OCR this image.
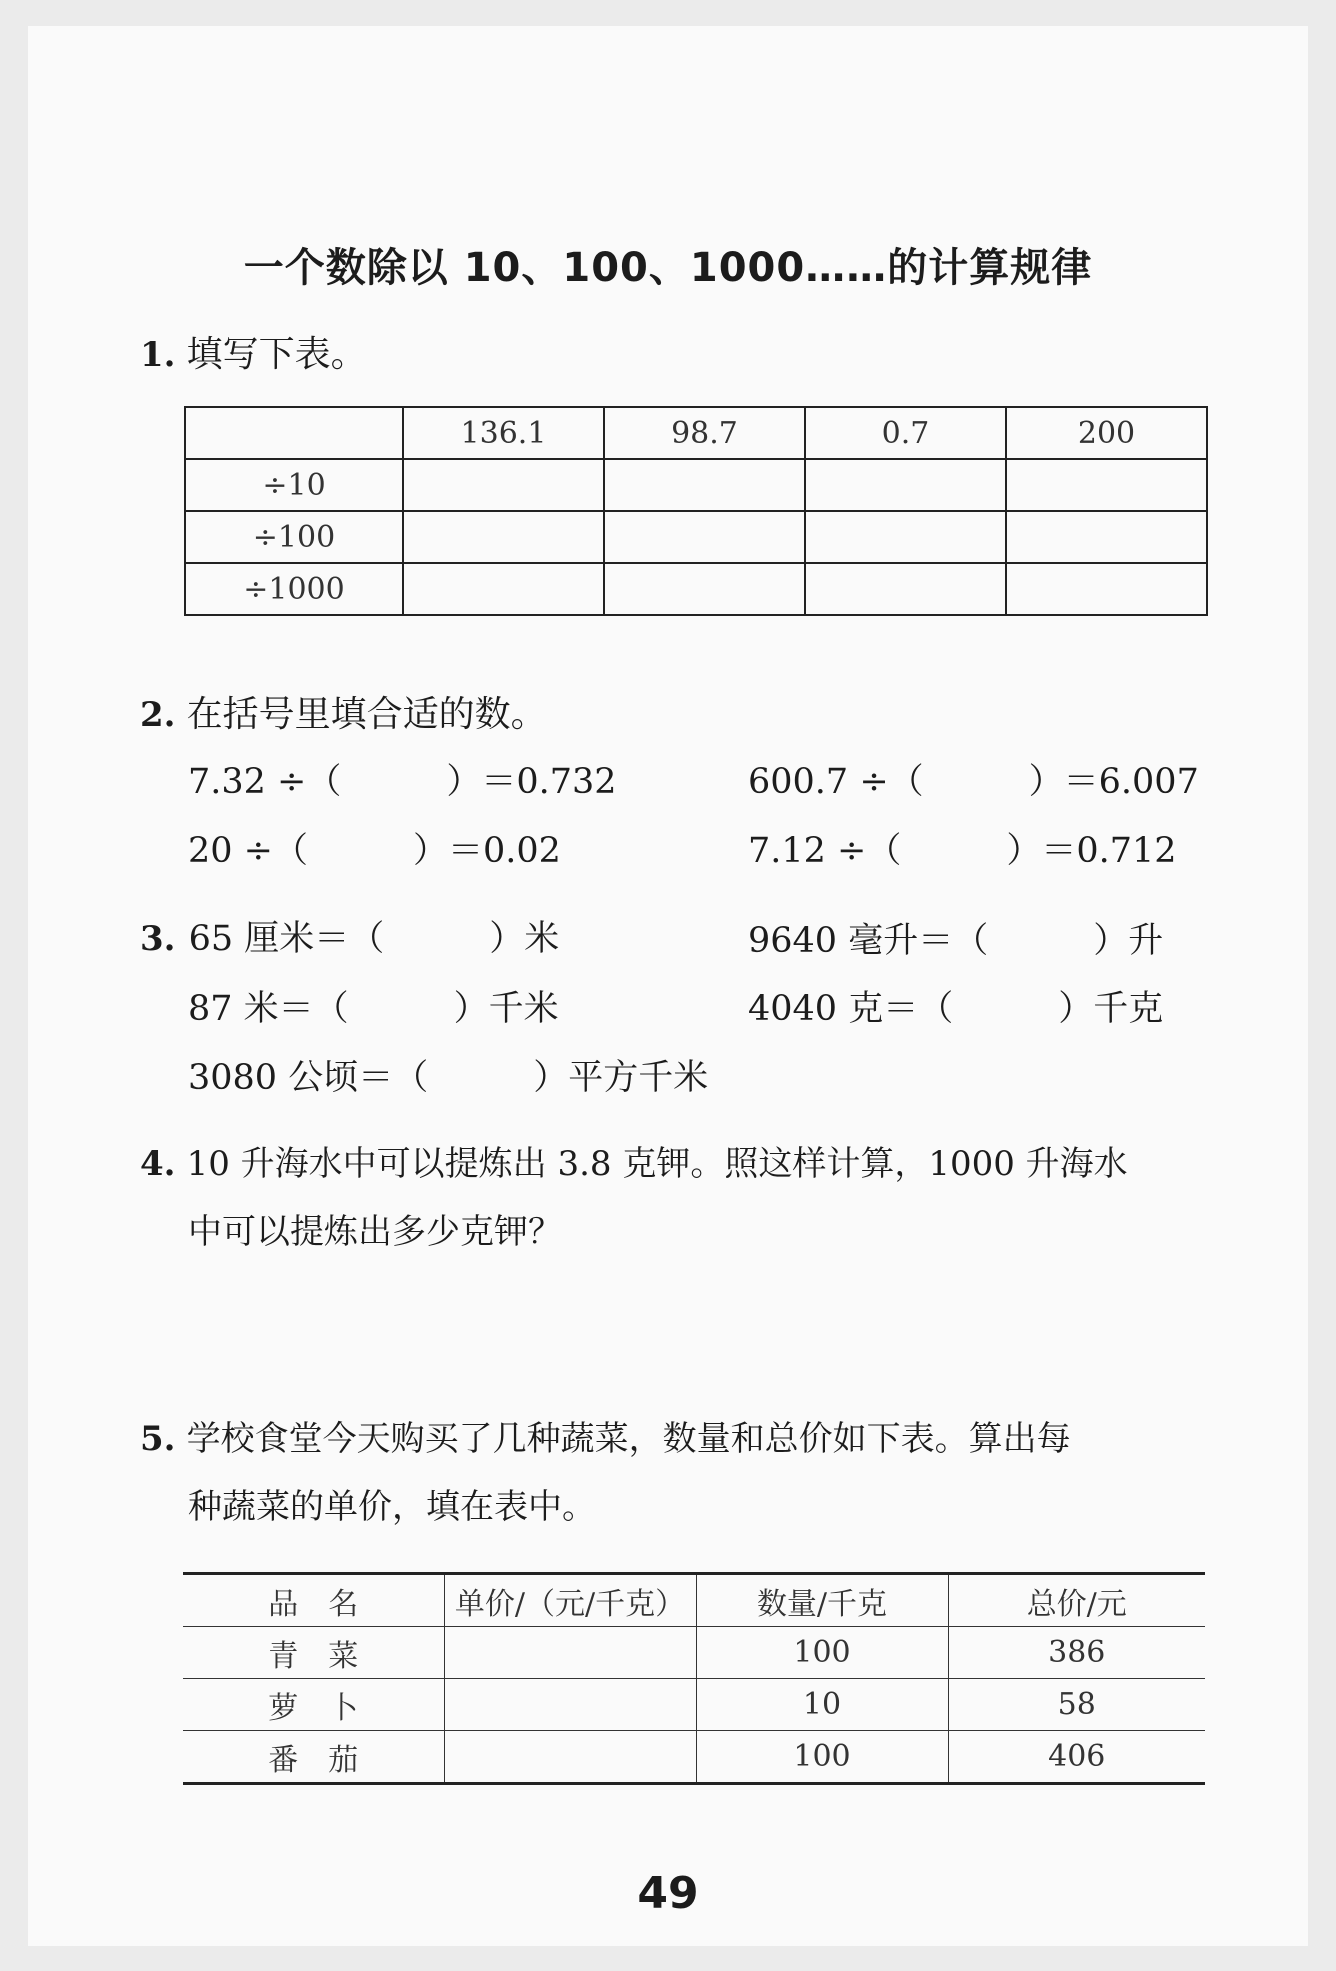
一个数除以 10、100、1000……的计算规律
1. 填写下表。
	136.1	98.7	0.7	200
÷10				
÷100				
÷1000				
2. 在括号里填合适的数。
7.32 ÷（　　　）＝0.732	600.7 ÷（　　　）＝6.007
20 ÷（　　　）＝0.02	7.12 ÷（　　　）＝0.712
3. 65 厘米＝（　　　）米	9640 毫升＝（　　　）升
87 米＝（　　　）千米	4040 克＝（　　　）千克
3080 公顷＝（　　　）平方千米
4. 10 升海水中可以提炼出 3.8 克钾。照这样计算，1000 升海水
中可以提炼出多少克钾？
5. 学校食堂今天购买了几种蔬菜，数量和总价如下表。算出每
种蔬菜的单价，填在表中。
品　名	单价/（元/千克）	数量/千克	总价/元
青　菜		100	386
萝　卜		10	58
番　茄		100	406
49
